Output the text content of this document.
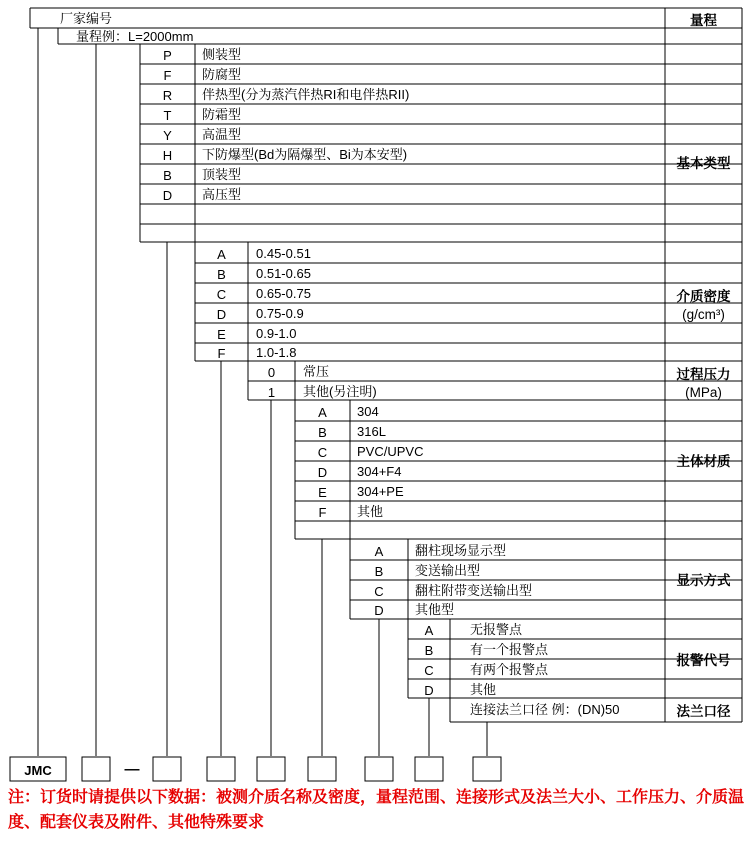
厂家编号
量程例：L=2000mm
量程
P	侧装型
F	防腐型
R	伴热型(分为蒸汽伴热RI和电伴热RII)
T	防霜型
Y	高温型
H	下防爆型(Bd为隔爆型、Bi为本安型)
B	顶装型
D	高压型
基本类型
A	0.45-0.51
B	0.51-0.65
C	0.65-0.75
D	0.75-0.9
E	0.9-1.0
F	1.0-1.8
介质密度
(g/cm³)
0	常压
1	其他(另注明)
过程压力
(MPa)
A	304
B	316L
C	PVC/UPVC
D	304+F4
E	304+PE
F	其他
主体材质
A	翻柱现场显示型
B	变送输出型
C	翻柱附带变送输出型
D	其他型
显示方式
A	无报警点
B	有一个报警点
C	有两个报警点
D	其他
报警代号
连接法兰口径 例：(DN)50	法兰口径
JMC	—
注：订货时请提供以下数据：被测介质名称及密度，量程范围、连接形式及法兰大小、工作压力、介质温度、配套仪表及附件、其他特殊要求
